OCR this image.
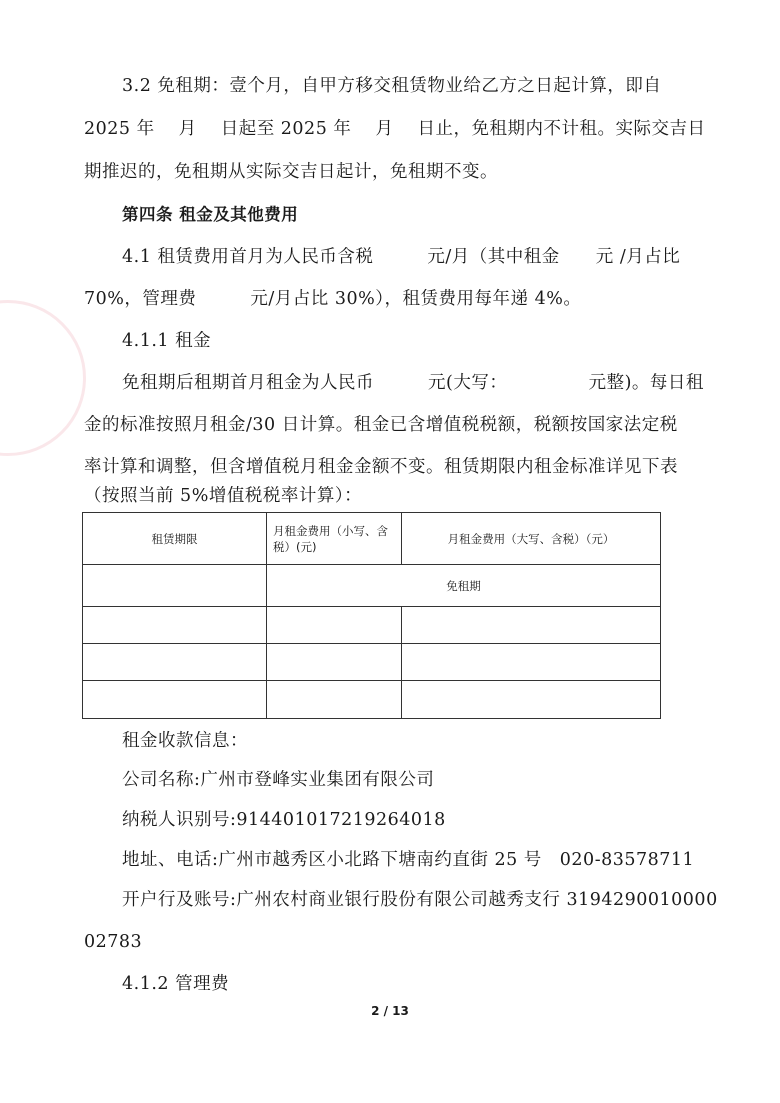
3.2 免租期：壹个月，自甲方移交租赁物业给乙方之日起计算，即自
2025 年　 月　 日起至 2025 年　 月　 日止，免租期内不计租。实际交吉日
期推迟的，免租期从实际交吉日起计，免租期不变。
第四条 租金及其他费用
4.1 租赁费用首月为人民币含税　　　元/月（其中租金　　元 /月占比
70%，管理费　　　元/月占比 30%），租赁费用每年递 4%。
4.1.1 租金
免租期后租期首月租金为人民币　　　元(大写：　　　　　元整)。每日租
金的标准按照月租金/30 日计算。租金已含增值税税额，税额按国家法定税
率计算和调整，但含增值税月租金金额不变。租赁期限内租金标准详见下表
（按照当前 5%增值税税率计算）：
租赁期限	月租金费用（小写、含税）(元)	月租金费用（大写、含税）（元）
	免租期	

租金收款信息：
公司名称:广州市登峰实业集团有限公司
纳税人识别号:914401017219264018
地址、电话:广州市越秀区小北路下塘南约直街 25 号　020-83578711
开户行及账号:广州农村商业银行股份有限公司越秀支行 3194290010000
02783
4.1.2 管理费
2 / 13
